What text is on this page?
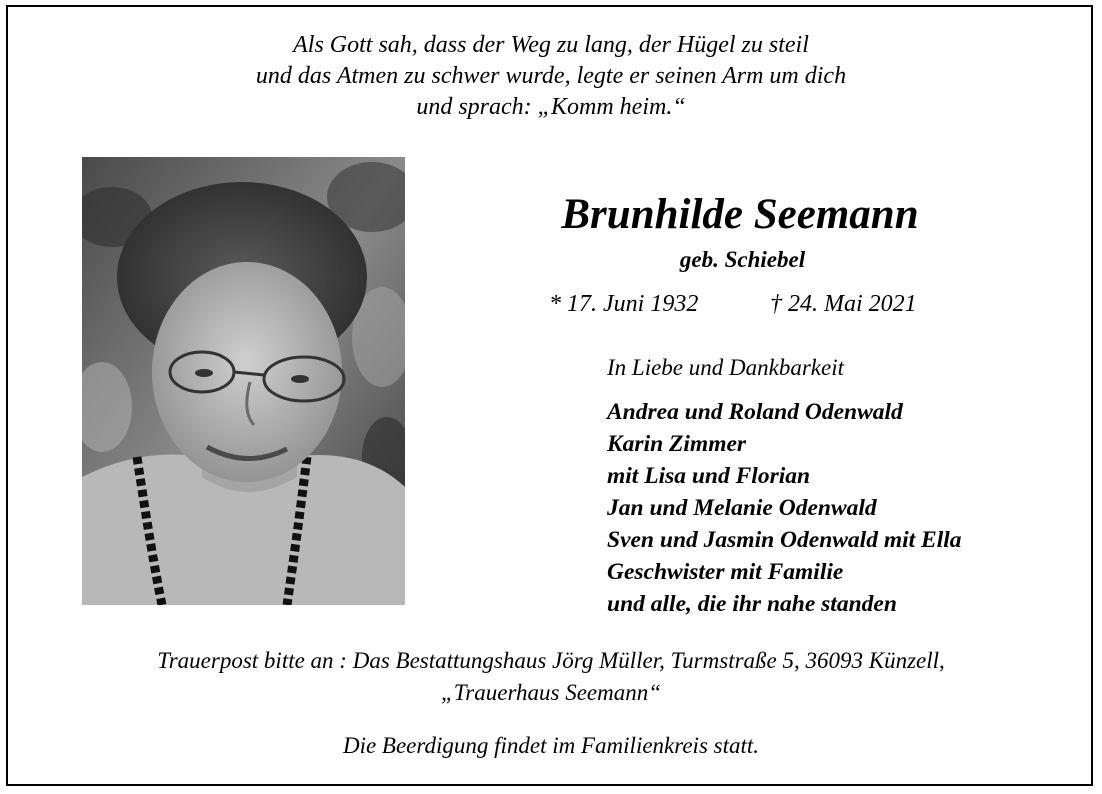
Als Gott sah, dass der Weg zu lang, der Hügel zu steil
und das Atmen zu schwer wurde, legte er seinen Arm um dich
und sprach: „Komm heim.“
Brunhilde Seemann
geb. Schiebel
* 17. Juni 1932	† 24. Mai 2021
In Liebe und Dankbarkeit
Andrea und Roland Odenwald
Karin Zimmer
mit Lisa und Florian
Jan und Melanie Odenwald
Sven und Jasmin Odenwald mit Ella
Geschwister mit Familie
und alle, die ihr nahe standen
Trauerpost bitte an : Das Bestattungshaus Jörg Müller, Turmstraße 5, 36093 Künzell,
„Trauerhaus Seemann“
Die Beerdigung findet im Familienkreis statt.
